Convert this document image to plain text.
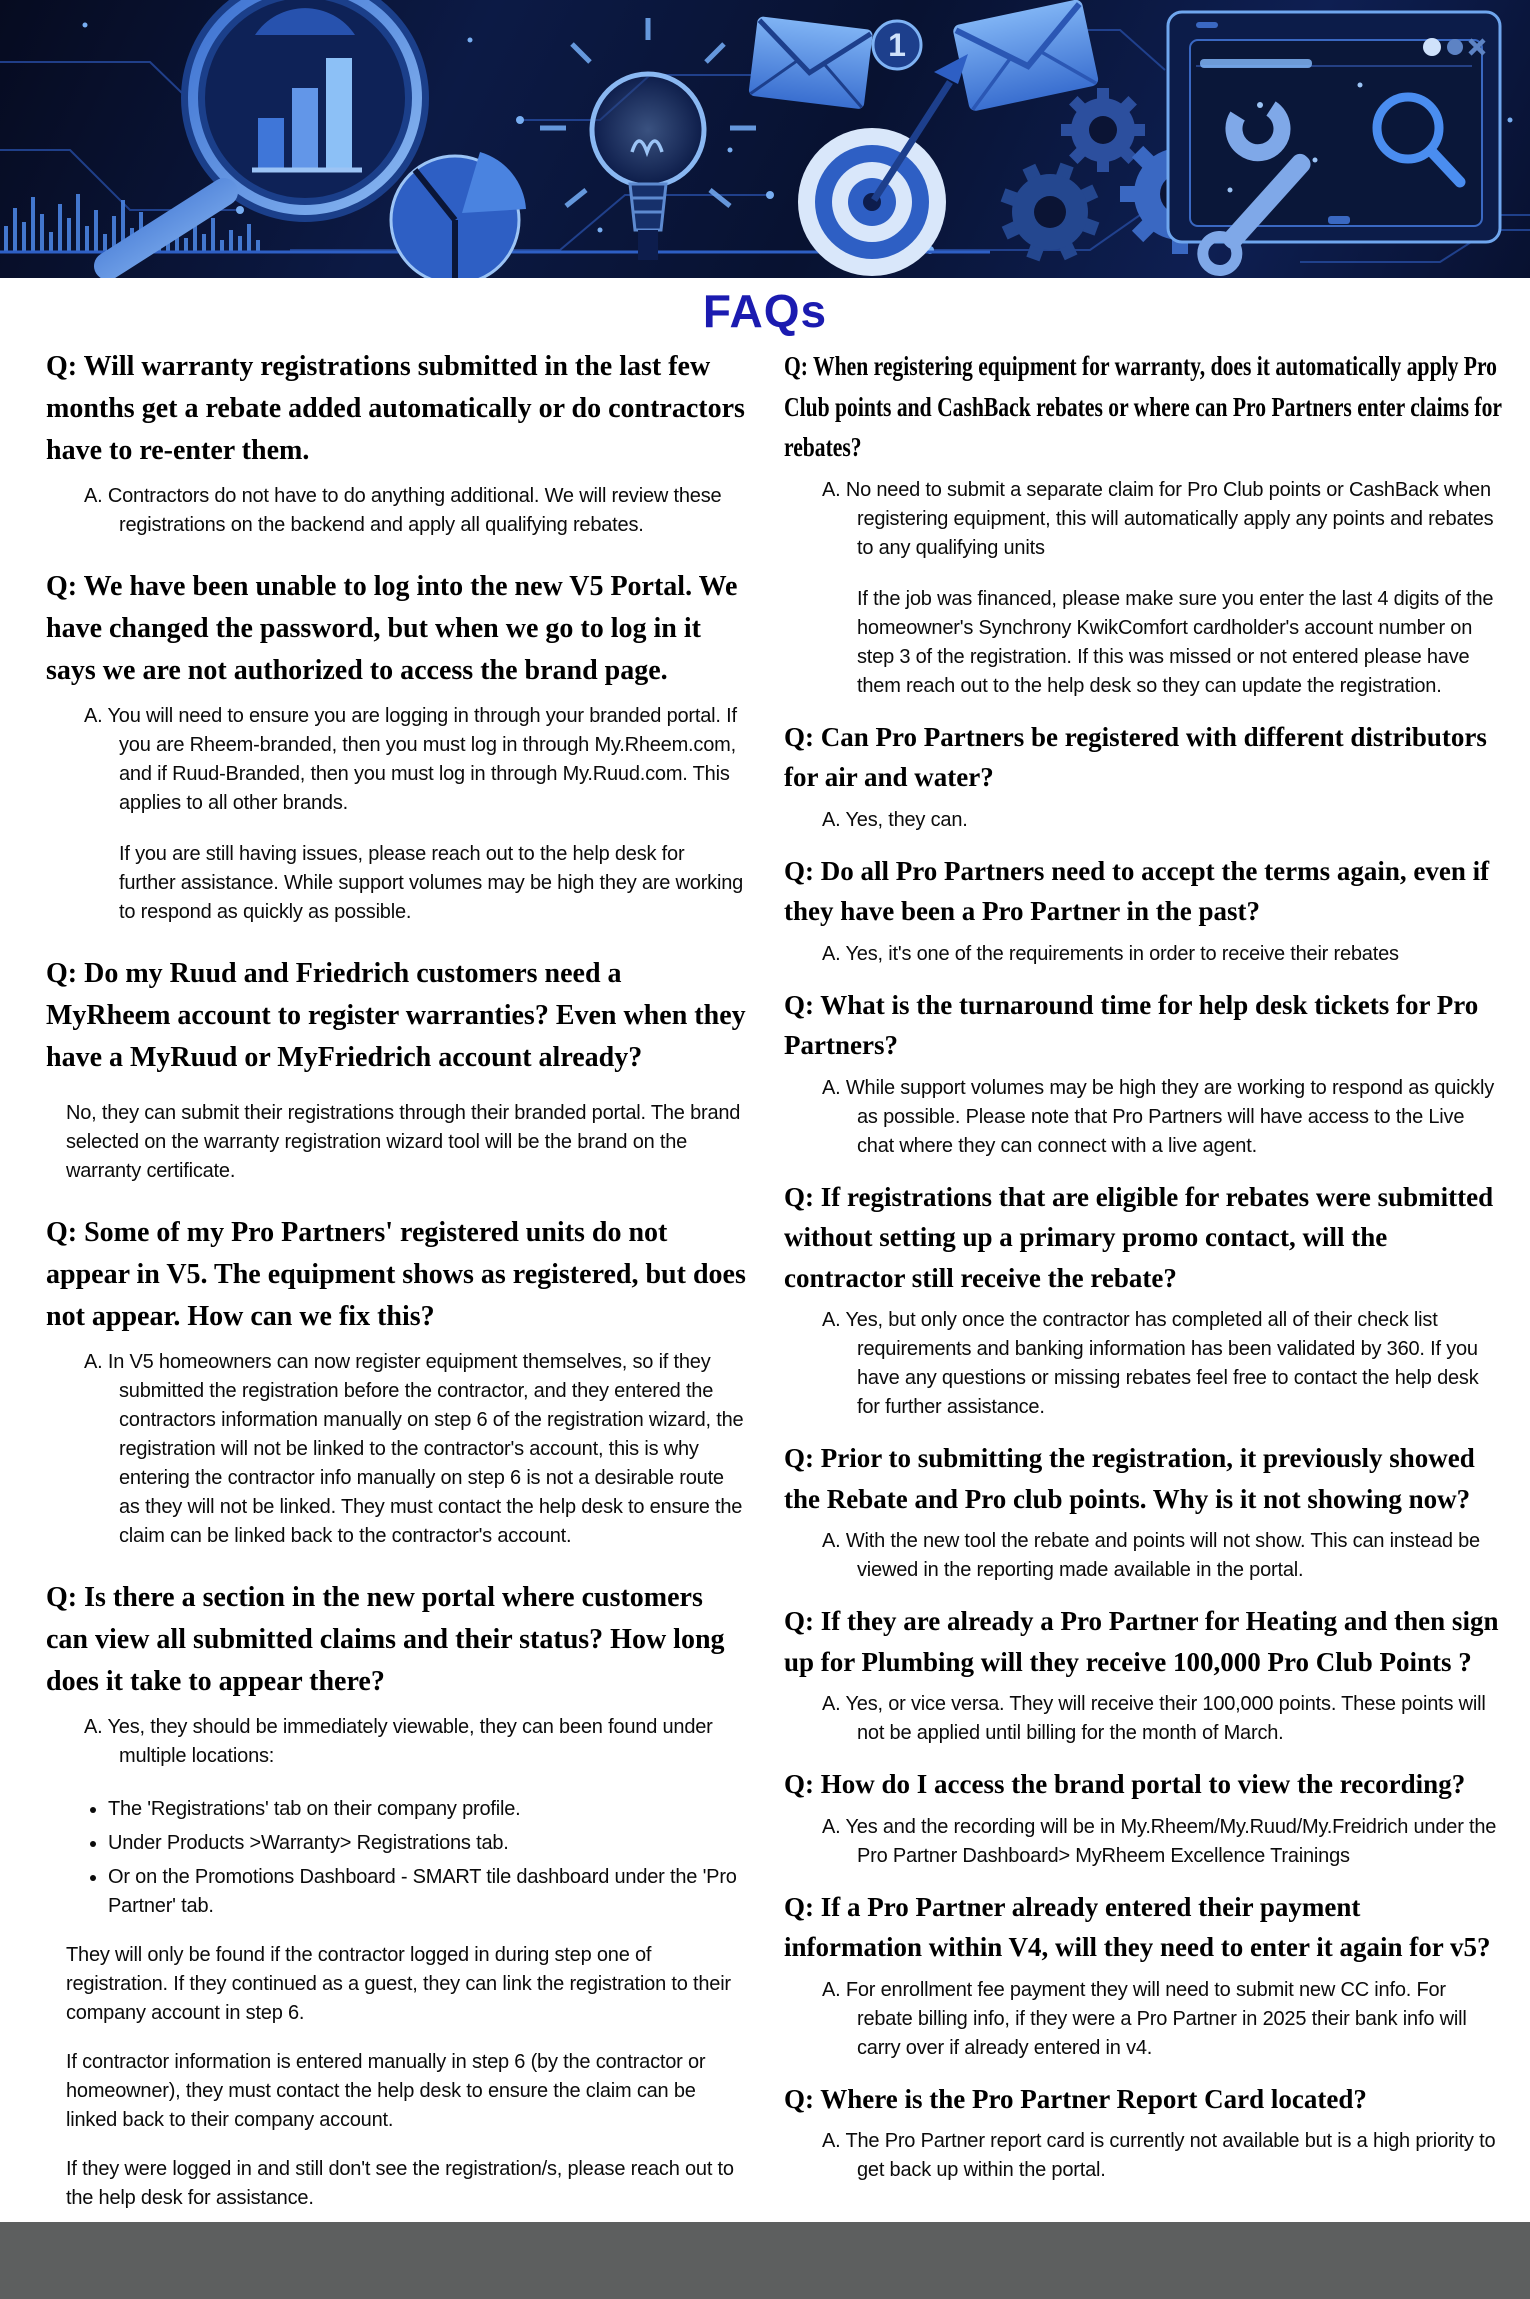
1
FAQs
Q: Will warranty registrations submitted in the last few months get a rebate added automatically or do contractors have to re-enter them.

A. Contractors do not have to do anything additional. We will review these registrations on the backend and apply all qualifying rebates.

Q: We have been unable to log into the new V5 Portal. We have changed the password, but when we go to log in it says we are not authorized to access the brand page.

A. You will need to ensure you are logging in through your branded portal. If you are Rheem-branded, then you must log in through My.Rheem.com, and if Ruud-Branded, then you must log in through My.Ruud.com. This applies to all other brands.

If you are still having issues, please reach out to the help desk for further assistance. While support volumes may be high they are working to respond as quickly as possible.

Q: Do my Ruud and Friedrich customers need a MyRheem account to register warranties? Even when they have a MyRuud or MyFriedrich account already?

No, they can submit their registrations through their branded portal. The brand selected on the warranty registration wizard tool will be the brand on the warranty certificate.

Q: Some of my Pro Partners' registered units do not appear in V5. The equipment shows as registered, but does not appear. How can we fix this?

A. In V5 homeowners can now register equipment themselves, so if they submitted the registration before the contractor, and they entered the contractors information manually on step 6 of the registration wizard, the registration will not be linked to the contractor's account, this is why entering the contractor info manually on step 6 is not a desirable route as they will not be linked. They must contact the help desk to ensure the claim can be linked back to the contractor's account.

Q: Is there a section in the new portal where customers can view all submitted claims and their status? How long does it take to appear there?

A. Yes, they should be immediately viewable, they can been found under multiple locations:

• The 'Registrations' tab on their company profile.
• Under Products >Warranty> Registrations tab.
• Or on the Promotions Dashboard - SMART tile dashboard under the 'Pro Partner' tab.

They will only be found if the contractor logged in during step one of registration. If they continued as a guest, they can link the registration to their company account in step 6.

If contractor information is entered manually in step 6 (by the contractor or homeowner), they must contact the help desk to ensure the claim can be linked back to their company account.

If they were logged in and still don't see the registration/s, please reach out to the help desk for assistance.

Q: When registering equipment for warranty, does it automatically apply Pro Club points and CashBack rebates or where can Pro Partners enter claims for rebates?

A. No need to submit a separate claim for Pro Club points or CashBack when registering equipment, this will automatically apply any points and rebates to any qualifying units

If the job was financed, please make sure you enter the last 4 digits of the homeowner's Synchrony KwikComfort cardholder's account number on step 3 of the registration. If this was missed or not entered please have them reach out to the help desk so they can update the registration.

Q: Can Pro Partners be registered with different distributors for air and water?

A. Yes, they can.

Q: Do all Pro Partners need to accept the terms again, even if they have been a Pro Partner in the past?

A. Yes, it's one of the requirements in order to receive their rebates

Q: What is the turnaround time for help desk tickets for Pro Partners?

A. While support volumes may be high they are working to respond as quickly as possible. Please note that Pro Partners will have access to the Live chat where they can connect with a live agent.

Q: If registrations that are eligible for rebates were submitted without setting up a primary promo contact, will the contractor still receive the rebate?

A. Yes, but only once the contractor has completed all of their check list requirements and banking information has been validated by 360. If you have any questions or missing rebates feel free to contact the help desk for further assistance.

Q: Prior to submitting the registration, it previously showed the Rebate and Pro club points. Why is it not showing now?

A. With the new tool the rebate and points will not show. This can instead be viewed in the reporting made available in the portal.

Q: If they are already a Pro Partner for Heating and then sign up for Plumbing will they receive 100,000 Pro Club Points ?

A. Yes, or vice versa. They will receive their 100,000 points. These points will not be applied until billing for the month of March.

Q: How do I access the brand portal to view the recording?

A. Yes and the recording will be in My.Rheem/My.Ruud/My.Freidrich under the Pro Partner Dashboard> MyRheem Excellence Trainings

Q: If a Pro Partner already entered their payment information within V4, will they need to enter it again for v5?

A. For enrollment fee payment they will need to submit new CC info. For rebate billing info, if they were a Pro Partner in 2025 their bank info will carry over if already entered in v4.

Q: Where is the Pro Partner Report Card located?

A. The Pro Partner report card is currently not available but is a high priority to get back up within the portal.
